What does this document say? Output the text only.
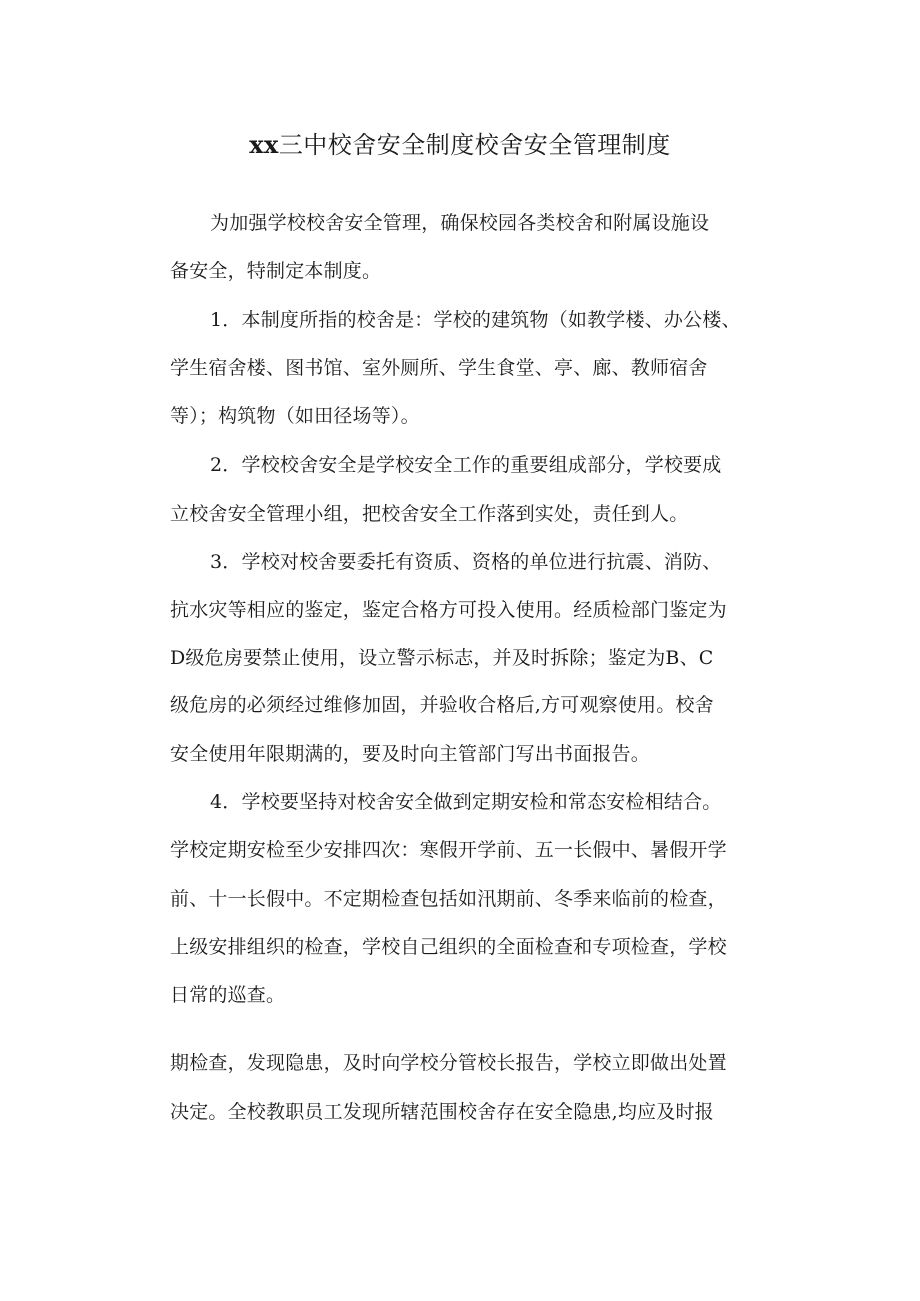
xx三中校舍安全制度校舍安全管理制度
为加强学校校舍安全管理，确保校园各类校舍和附属设施设
备安全，特制定本制度。
1．本制度所指的校舍是：学校的建筑物（如教学楼、办公楼、
学生宿舍楼、图书馆、室外厕所、学生食堂、亭、廊、教师宿舍
等）；构筑物（如田径场等）。
2．学校校舍安全是学校安全工作的重要组成部分，学校要成
立校舍安全管理小组，把校舍安全工作落到实处，责任到人。
3．学校对校舍要委托有资质、资格的单位进行抗震、消防、
抗水灾等相应的鉴定，鉴定合格方可投入使用。经质检部门鉴定为
D级危房要禁止使用，设立警示标志，并及时拆除；鉴定为B、C
级危房的必须经过维修加固，并验收合格后,方可观察使用。校舍
安全使用年限期满的，要及时向主管部门写出书面报告。
4．学校要坚持对校舍安全做到定期安检和常态安检相结合。
学校定期安检至少安排四次：寒假开学前、五一长假中、暑假开学
前、十一长假中。不定期检查包括如汛期前、冬季来临前的检查，
上级安排组织的检查，学校自己组织的全面检查和专项检查，学校
日常的巡查。
期检查，发现隐患，及时向学校分管校长报告，学校立即做出处置
决定。全校教职员工发现所辖范围校舍存在安全隐患,均应及时报
